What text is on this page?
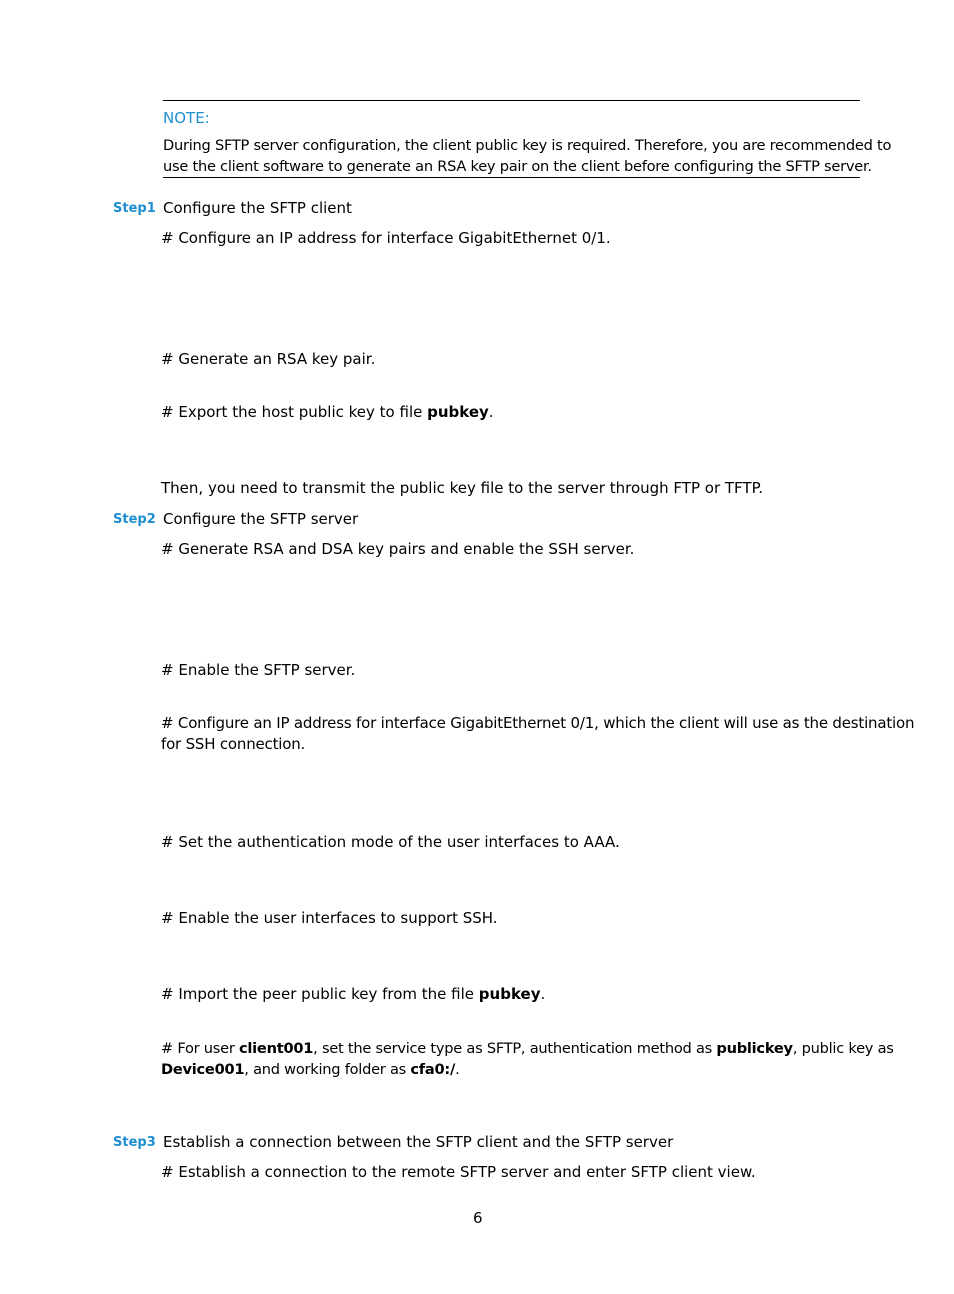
NOTE:
During SFTP server configuration, the client public key is required. Therefore, you are recommended to
use the client software to generate an RSA key pair on the client before configuring the SFTP server.
Step1 Configure the SFTP client
# Configure an IP address for interface GigabitEthernet 0/1.
# Generate an RSA key pair.
# Export the host public key to file pubkey.
Then, you need to transmit the public key file to the server through FTP or TFTP.
Step2 Configure the SFTP server
# Generate RSA and DSA key pairs and enable the SSH server.
# Enable the SFTP server.
# Configure an IP address for interface GigabitEthernet 0/1, which the client will use as the destination
for SSH connection.
# Set the authentication mode of the user interfaces to AAA.
# Enable the user interfaces to support SSH.
# Import the peer public key from the file pubkey.
# For user client001, set the service type as SFTP, authentication method as publickey, public key as
Device001, and working folder as cfa0:/.
Step3 Establish a connection between the SFTP client and the SFTP server
# Establish a connection to the remote SFTP server and enter SFTP client view.
6
